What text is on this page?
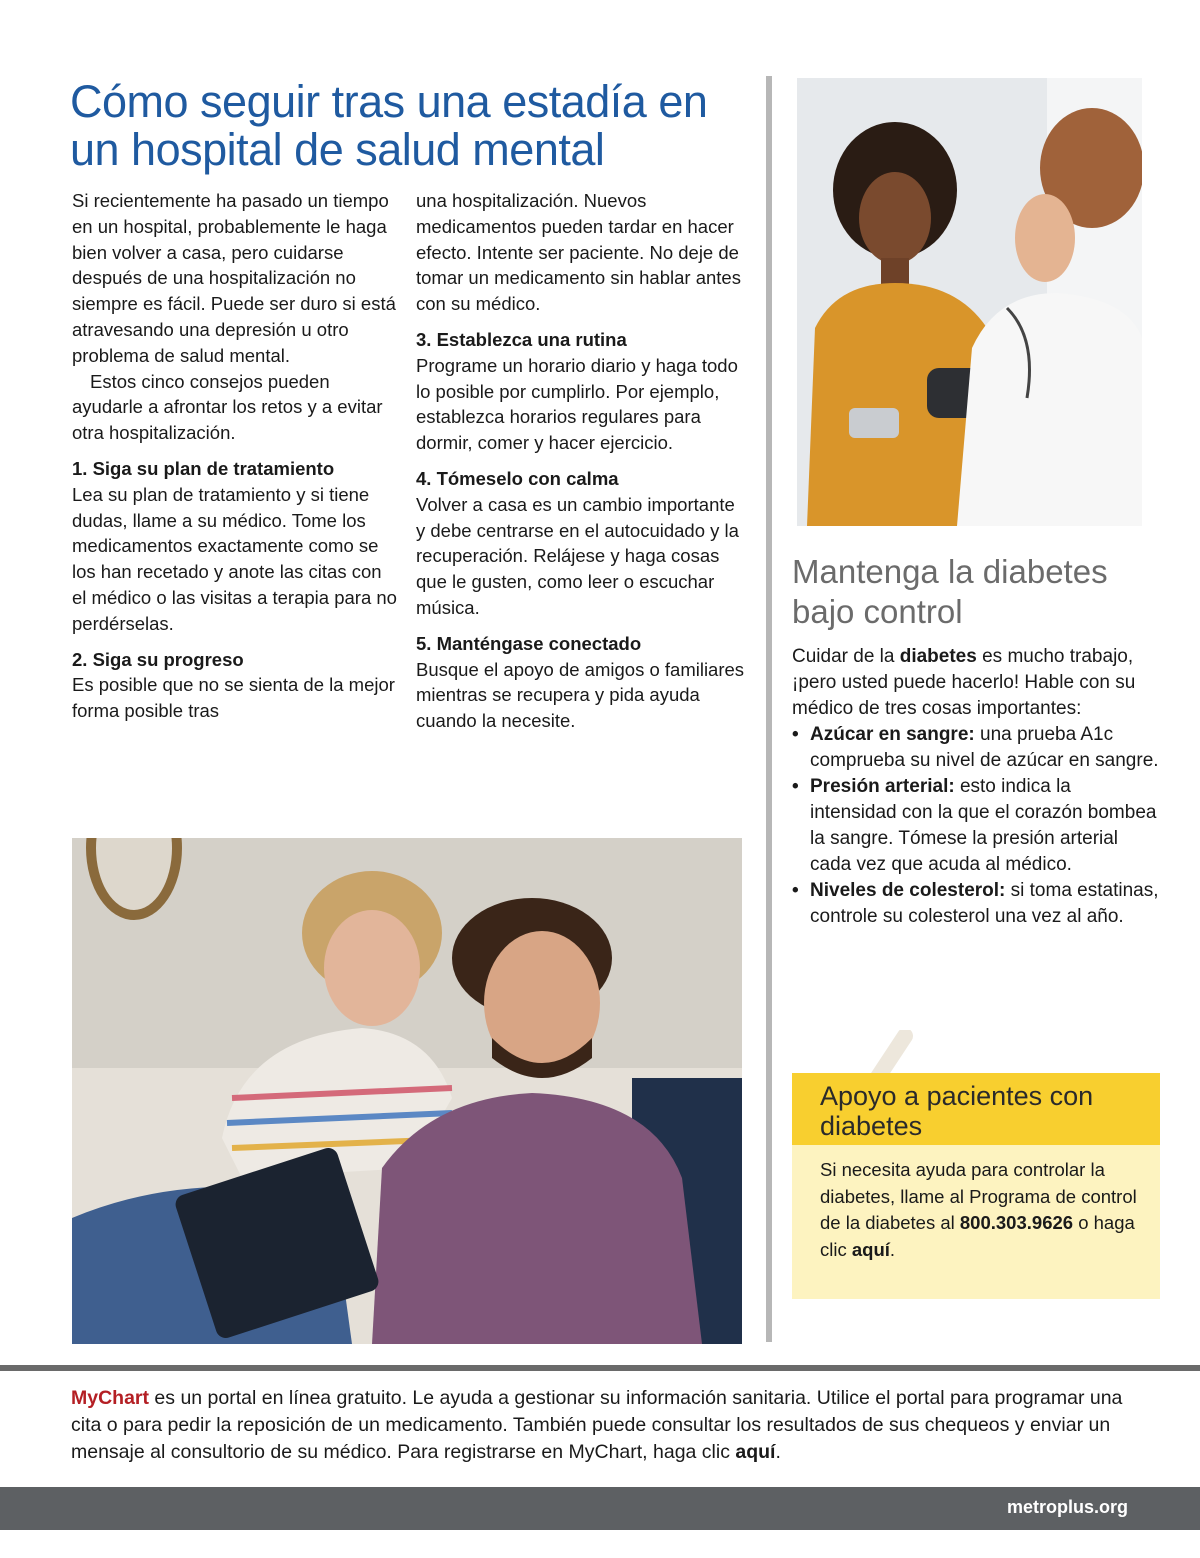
Cómo seguir tras una estadía en un hospital de salud mental

Si recientemente ha pasado un tiempo en un hospital, probablemente le haga bien volver a casa, pero cuidarse después de una hospitalización no siempre es fácil. Puede ser duro si está atravesando una depresión u otro problema de salud mental.

Estos cinco consejos pueden ayudarle a afrontar los retos y a evitar otra hospitalización.

1. Siga su plan de tratamiento

Lea su plan de tratamiento y si tiene dudas, llame a su médico. Tome los medicamentos exactamente como se los han recetado y anote las citas con el médico o las visitas a terapia para no perdérselas.

2. Siga su progreso

Es posible que no se sienta de la mejor forma posible tras

una hospitalización. Nuevos medicamentos pueden tardar en hacer efecto. Intente ser paciente. No deje de tomar un medicamento sin hablar antes con su médico.

3. Establezca una rutina

Programe un horario diario y haga todo lo posible por cumplirlo. Por ejemplo, establezca horarios regulares para dormir, comer y hacer ejercicio.

4. Tómeselo con calma

Volver a casa es un cambio importante y debe centrarse en el autocuidado y la recuperación. Relájese y haga cosas que le gusten, como leer o escuchar música.

5. Manténgase conectado

Busque el apoyo de amigos o familiares mientras se recupera y pida ayuda cuando la necesite.

Mantenga la diabetes bajo control

Cuidar de la diabetes es mucho trabajo, ¡pero usted puede hacerlo! Hable con su médico de tres cosas importantes:

• Azúcar en sangre: una prueba A1c comprueba su nivel de azúcar en sangre.
• Presión arterial: esto indica la intensidad con la que el corazón bombea la sangre. Tómese la presión arterial cada vez que acuda al médico.
• Niveles de colesterol: si toma estatinas, controle su colesterol una vez al año.
Apoyo a pacientes con diabetes
Si necesita ayuda para controlar la diabetes, llame al Programa de control de la diabetes al 800.303.9626 o haga clic aquí.

MyChart es un portal en línea gratuito. Le ayuda a gestionar su información sanitaria. Utilice el portal para programar una cita o para pedir la reposición de un medicamento. También puede consultar los resultados de sus chequeos y enviar un mensaje al consultorio de su médico. Para registrarse en MyChart, haga clic aquí.

metroplus.org
